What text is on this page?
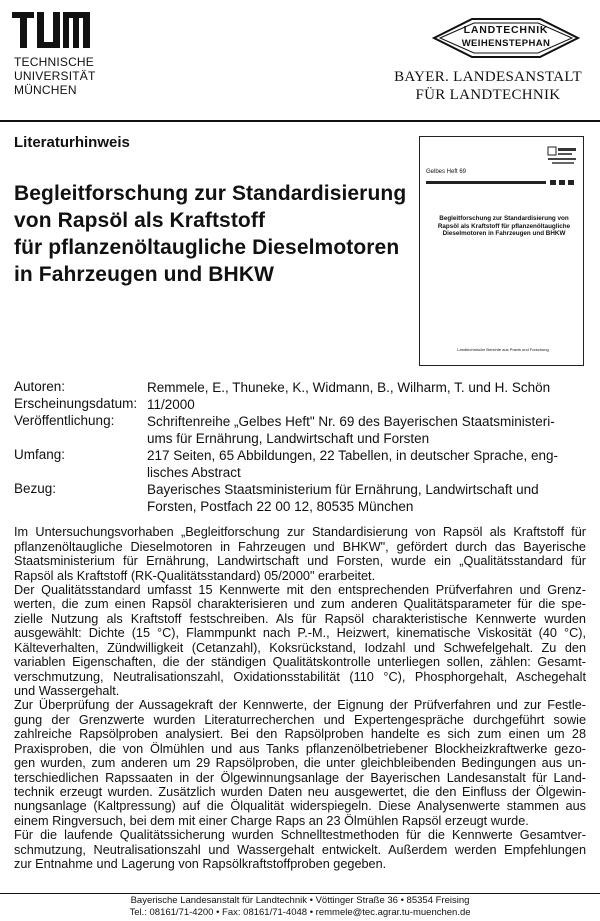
TECHNISCHE
UNIVERSITÄT
MÜNCHEN
LANDTECHNIK
WEIHENSTEPHAN
BAYER. LANDESANSTALT
FÜR LANDTECHNIK
Literaturhinweis
Begleitforschung zur Standardisierung
von Rapsöl als Kraftstoff
für pflanzenöltaugliche Dieselmotoren
in Fahrzeugen und BHKW
Gelbes Heft 69
Begleitforschung zur Standardisierung von Rapsöl als Kraftstoff für pflanzenöltaugliche Dieselmotoren in Fahrzeugen und BHKW
Landtechnische Berichte aus Praxis und Forschung
Autoren:	Remmele, E., Thuneke, K., Widmann, B., Wilharm, T. und H. Schön
Erscheinungsdatum: 11/2000
Veröffentlichung: Schriftenreihe „Gelbes Heft" Nr. 69 des Bayerischen Staatsministeri-
ums für Ernährung, Landwirtschaft und Forsten
Umfang:	217 Seiten, 65 Abbildungen, 22 Tabellen, in deutscher Sprache, eng-
lisches Abstract
Bezug:	Bayerisches Staatsministerium für Ernährung, Landwirtschaft und
Forsten, Postfach 22 00 12, 80535 München
Im Untersuchungsvorhaben „Begleitforschung zur Standardisierung von Rapsöl als Kraftstoff für
pflanzenöltaugliche Dieselmotoren in Fahrzeugen und BHKW", gefördert durch das Bayerische
Staatsministerium für Ernährung, Landwirtschaft und Forsten, wurde ein „Qualitätsstandard für
Rapsöl als Kraftstoff (RK-Qualitätsstandard) 05/2000" erarbeitet.
Der Qualitätsstandard umfasst 15 Kennwerte mit den entsprechenden Prüfverfahren und Grenz-
werten, die zum einen Rapsöl charakterisieren und zum anderen Qualitätsparameter für die spe-
zielle Nutzung als Kraftstoff festschreiben. Als für Rapsöl charakteristische Kennwerte wurden
ausgewählt: Dichte (15 °C), Flammpunkt nach P.-M., Heizwert, kinematische Viskosität (40 °C),
Kälteverhalten, Zündwilligkeit (Cetanzahl), Koksrückstand, Iodzahl und Schwefelgehalt. Zu den
variablen Eigenschaften, die der ständigen Qualitätskontrolle unterliegen sollen, zählen: Gesamt-
verschmutzung, Neutralisationszahl, Oxidationsstabilität (110 °C), Phosphorgehalt, Aschegehalt
und Wassergehalt.
Zur Überprüfung der Aussagekraft der Kennwerte, der Eignung der Prüfverfahren und zur Festle-
gung der Grenzwerte wurden Literaturrecherchen und Expertengespräche durchgeführt sowie
zahlreiche Rapsölproben analysiert. Bei den Rapsölproben handelte es sich zum einen um 28
Praxisproben, die von Ölmühlen und aus Tanks pflanzenölbetriebener Blockheizkraftwerke gezo-
gen wurden, zum anderen um 29 Rapsölproben, die unter gleichbleibenden Bedingungen aus un-
terschiedlichen Rapssaaten in der Ölgewinnungsanlage der Bayerischen Landesanstalt für Land-
technik erzeugt wurden. Zusätzlich wurden Daten neu ausgewertet, die den Einfluss der Ölgewin-
nungsanlage (Kaltpressung) auf die Ölqualität widerspiegeln. Diese Analysenwerte stammen aus
einem Ringversuch, bei dem mit einer Charge Raps an 23 Ölmühlen Rapsöl erzeugt wurde.
Für die laufende Qualitätssicherung wurden Schnelltestmethoden für die Kennwerte Gesamtver-
schmutzung, Neutralisationszahl und Wassergehalt entwickelt. Außerdem werden Empfehlungen
zur Entnahme und Lagerung von Rapsölkraftstoffproben gegeben.
Bayerische Landesanstalt für Landtechnik • Vöttinger Straße 36 • 85354 Freising
Tel.: 08161/71-4200 • Fax: 08161/71-4048 • remmele@tec.agrar.tu-muenchen.de
